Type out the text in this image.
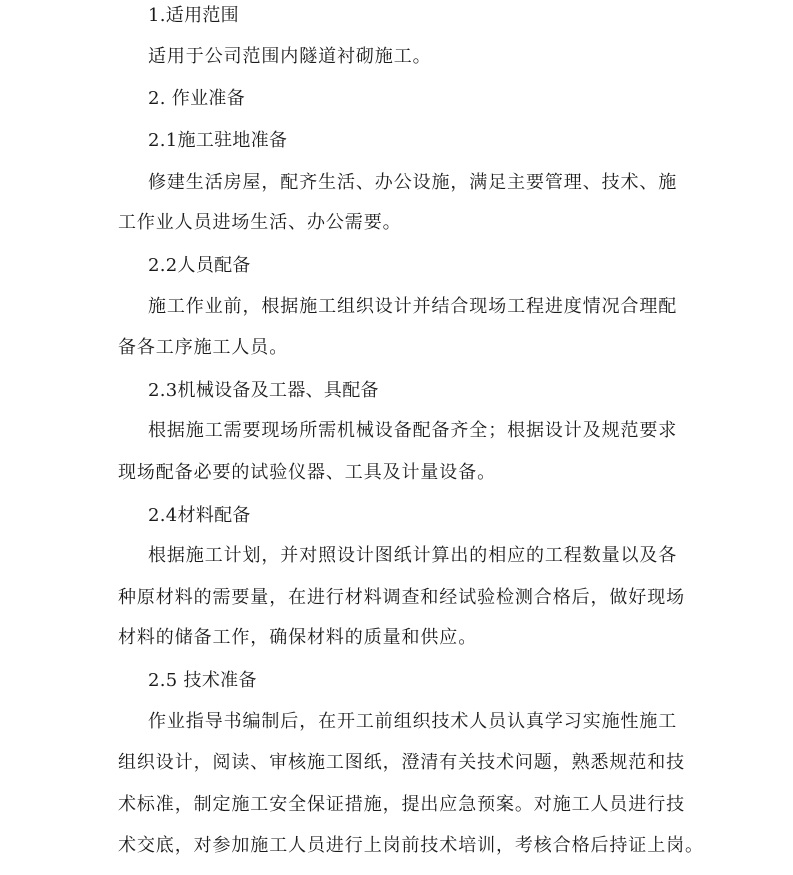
1.适用范围
适用于公司范围内隧道衬砌施工。
2. 作业准备
2.1施工驻地准备
修建生活房屋，配齐生活、办公设施，满足主要管理、技术、施
工作业人员进场生活、办公需要。
2.2人员配备
施工作业前，根据施工组织设计并结合现场工程进度情况合理配
备各工序施工人员。
2.3机械设备及工器、具配备
根据施工需要现场所需机械设备配备齐全；根据设计及规范要求
现场配备必要的试验仪器、工具及计量设备。
2.4材料配备
根据施工计划，并对照设计图纸计算出的相应的工程数量以及各
种原材料的需要量，在进行材料调查和经试验检测合格后，做好现场
材料的储备工作，确保材料的质量和供应。
2.5 技术准备
作业指导书编制后，在开工前组织技术人员认真学习实施性施工
组织设计，阅读、审核施工图纸，澄清有关技术问题，熟悉规范和技
术标准，制定施工安全保证措施，提出应急预案。对施工人员进行技
术交底，对参加施工人员进行上岗前技术培训，考核合格后持证上岗。
